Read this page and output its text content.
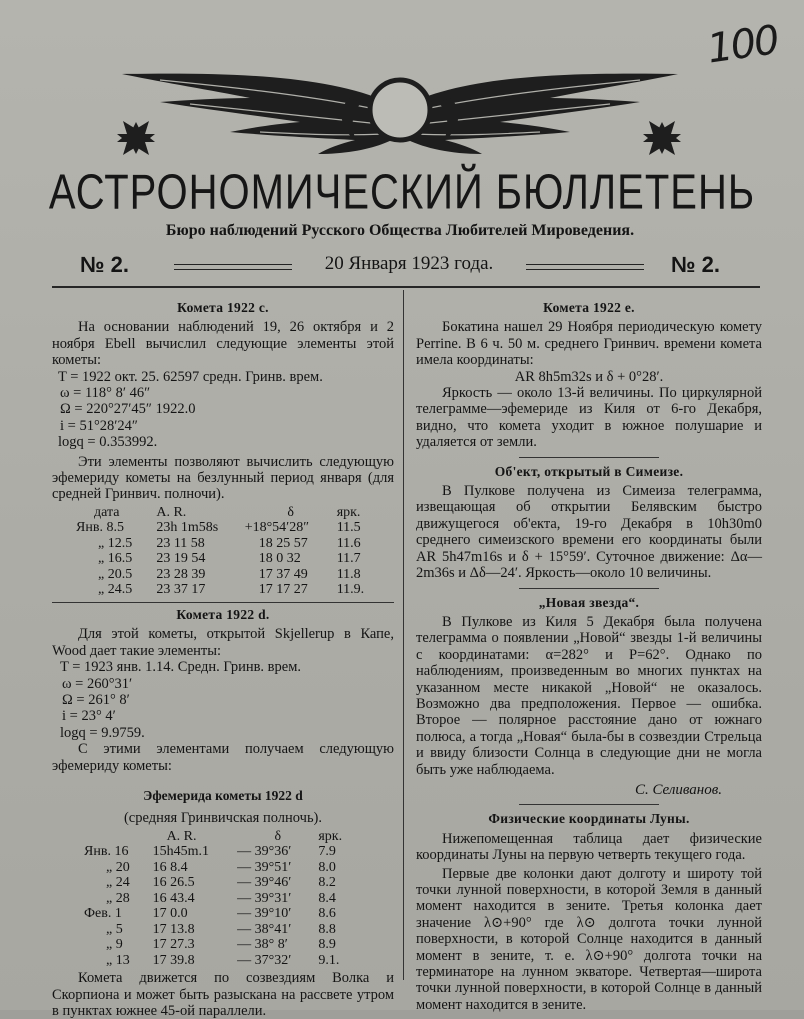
100
АСТРОНОМИЧЕСКИЙ БЮЛЛЕТЕНЬ
Бюро наблюдений Русского Общества Любителей Мироведения.
№ 2.	20 Января 1923 года.	№ 2.

Комета 1922 с.

На основании наблюдений 19, 26 октября и 2 ноября Ebell вычислил следующие элементы этой кометы:

T = 1922 окт. 25. 62597 средн. Гринв. врем.

ω = 118° 8′ 46″

Ω = 220°27′45″ 1922.0

i = 51°28′24″

logq = 0.353992.

Эти элементы позволяют вычислить следующую эфемериду кометы на безлунный период января (для средней Гринвич. полночи).

дата	A. R.	δ	ярк.
Янв. 8.5	23h 1m58s	+18°54′28″	11.5
„ 12.5	23 11 58	18 25 57	11.6
„ 16.5	23 19 54	18 0 32	11.7
„ 20.5	23 28 39	17 37 49	11.8
„ 24.5	23 37 17	17 17 27	11.9.

Комета 1922 d.

Для этой кометы, открытой Skjellerup в Капе, Wood дает такие элементы:

T = 1923 янв. 1.14. Средн. Гринв. врем.

ω = 260°31′

Ω = 261° 8′

i = 23° 4′

logq = 9.9759.

С этими элементами получаем следующую эфемериду кометы:

Эфемерида кометы 1922 d

(средняя Гринвичская полночь).

	A. R.	δ	ярк.
Янв. 16	15h45m.1	— 39°36′	7.9
„ 20	16 8.4	— 39°51′	8.0
„ 24	16 26.5	— 39°46′	8.2
„ 28	16 43.4	— 39°31′	8.4
Фев. 1	17 0.0	— 39°10′	8.6
„ 5	17 13.8	— 38°41′	8.8
„ 9	17 27.3	— 38° 8′	8.9
„ 13	17 39.8	— 37°32′	9.1.

Комета движется по созвездиям Волка и Скорпиона и может быть разыскана на рассвете утром в пунктах южнее 45-ой параллели.

Комета 1922 е.

Бокатина нашел 29 Ноября периодическую комету Perrine. В 6 ч. 50 м. среднего Гринвич. времени комета имела координаты:

AR 8h5m32s и δ + 0°28′.

Яркость — около 13-й величины. По циркулярной телеграмме—эфемериде из Киля от 6-го Декабря, видно, что комета уходит в южное полушарие и удаляется от земли.

Об'ект, открытый в Симеизе.

В Пулкове получена из Симеиза телеграмма, извещающая об открытии Белявским быстро движущегося об'екта, 19-го Декабря в 10h30m0 среднего симеизского времени его координаты были AR 5h47m16s и δ + 15°59′. Суточное движение: Δα—2m36s и Δδ—24′. Яркость—около 10 величины.

„Новая звезда“.

В Пулкове из Киля 5 Декабря была получена телеграмма о появлении „Новой“ звезды 1-й величины с координатами: α=282° и P=62°. Однако по наблюдениям, произведенным во многих пунктах на указанном месте никакой „Новой“ не оказалось. Возможно два предположения. Первое — ошибка. Второе — полярное расстояние дано от южнаго полюса, а тогда „Новая“ была-бы в созвездии Стрельца и ввиду близости Солнца в следующие дни не могла быть уже наблюдаема.

С. Селиванов.

Физические координаты Луны.

Нижепомещенная таблица дает физические координаты Луны на первую четверть текущего года.

Первые две колонки дают долготу и широту той точки лунной поверхности, в которой Земля в данный момент находится в зените. Третья колонка дает значение λ⊙+90° где λ⊙ долгота точки лунной поверхности, в которой Солнце находится в данный момент в зените, т. е. λ⊙+90° долгота точки на терминаторе на лунном экваторе. Четвертая—широта точки лунной поверхности, в которой Солнце в данный момент находится в зените.
